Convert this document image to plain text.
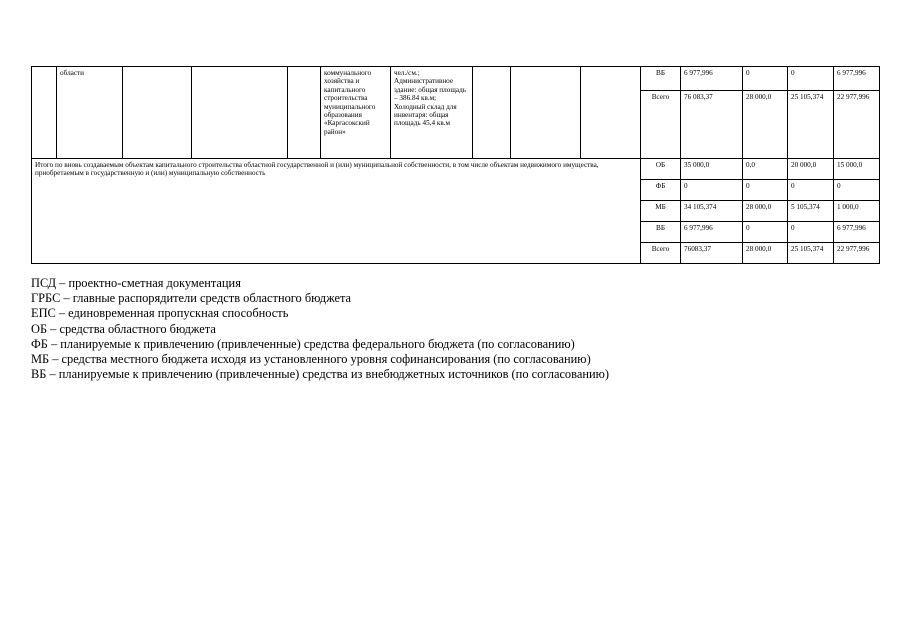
	области				коммунального хозяйства и капитального строительства муниципального образования «Каргасокский район»	чел./см.; Административное здание: общая площадь – 386.84 кв.м; Холодный склад для инвентаря: общая площадь 45,4 кв.м				ВБ	6 977,996	0	0	6 977,996
										Всего	76 083,37	28 000,0	25 105,374	22 977,996
Итого по вновь создаваемым объектам капитального строительства областной государственной и (или) муниципальной собственности, в том числе объектам недвижимого имущества, приобретаемым в государственную и (или) муниципальную собственность										ОБ	35 000,0	0,0	20 000,0	15 000,0
										ФБ	0	0	0	0
										МБ	34 105,374	28 000,0	5 105,374	1 000,0
										ВБ	6 977,996	0	0	6 977,996
										Всего	76083,37	28 000,0	25 105,374	22 977,996
ПСД – проектно-сметная документация
ГРБС – главные распорядители средств областного бюджета
ЕПС – единовременная пропускная способность
ОБ – средства областного бюджета
ФБ – планируемые к привлечению (привлеченные) средства федерального бюджета (по согласованию)
МБ – средства местного бюджета исходя из установленного уровня софинансирования (по согласованию)
ВБ – планируемые к привлечению (привлеченные) средства из внебюджетных источников (по согласованию)
